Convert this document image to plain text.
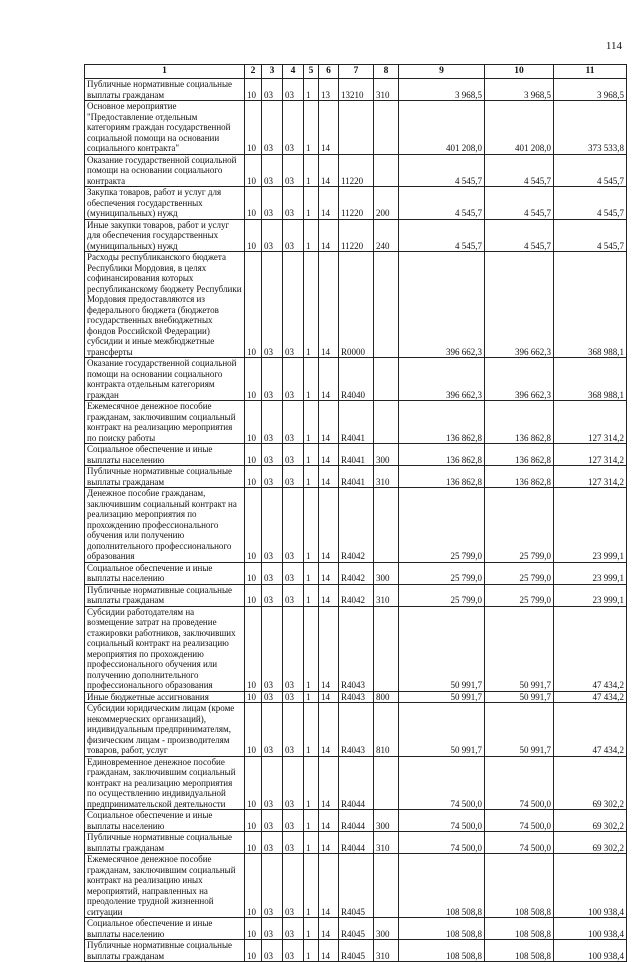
114
1	2	3	4	5	6	7	8	9	10	11
Публичные нормативные социальные выплаты гражданам	10	03	03	1	13	13210	310	3 968,5	3 968,5	3 968,5
Основное мероприятие "Предоставление отдельным категориям граждан государственной социальной помощи на основании социального контракта"	10	03	03	1	14			401 208,0	401 208,0	373 533,8
Оказание государственной социальной помощи на основании социального контракта	10	03	03	1	14	11220		4 545,7	4 545,7	4 545,7
Закупка товаров, работ и услуг для обеспечения государственных (муниципальных) нужд	10	03	03	1	14	11220	200	4 545,7	4 545,7	4 545,7
Иные закупки товаров, работ и услуг для обеспечения государственных (муниципальных) нужд	10	03	03	1	14	11220	240	4 545,7	4 545,7	4 545,7
Расходы республиканского бюджета Республики Мордовия, в целях софинансирования которых республиканскому бюджету Республики Мордовия предоставляются из федерального бюджета (бюджетов государственных внебюджетных фондов Российской Федерации) субсидии и иные межбюджетные трансферты	10	03	03	1	14	R0000		396 662,3	396 662,3	368 988,1
Оказание государственной социальной помощи на основании социального контракта отдельным категориям граждан	10	03	03	1	14	R4040		396 662,3	396 662,3	368 988,1
Ежемесячное денежное пособие гражданам, заключившим социальный контракт на реализацию мероприятия по поиску работы	10	03	03	1	14	R4041		136 862,8	136 862,8	127 314,2
Социальное обеспечение и иные выплаты населению	10	03	03	1	14	R4041	300	136 862,8	136 862,8	127 314,2
Публичные нормативные социальные выплаты гражданам	10	03	03	1	14	R4041	310	136 862,8	136 862,8	127 314,2
Денежное пособие гражданам, заключившим социальный контракт на реализацию мероприятия по прохождению профессионального обучения или получению дополнительного профессионального образования	10	03	03	1	14	R4042		25 799,0	25 799,0	23 999,1
Социальное обеспечение и иные выплаты населению	10	03	03	1	14	R4042	300	25 799,0	25 799,0	23 999,1
Публичные нормативные социальные выплаты гражданам	10	03	03	1	14	R4042	310	25 799,0	25 799,0	23 999,1
Субсидии работодателям на возмещение затрат на проведение стажировки работников, заключивших социальный контракт на реализацию мероприятия по прохождению профессионального обучения или получению дополнительного профессионального образования	10	03	03	1	14	R4043		50 991,7	50 991,7	47 434,2
Иные бюджетные ассигнования	10	03	03	1	14	R4043	800	50 991,7	50 991,7	47 434,2
Субсидии юридическим лицам (кроме некоммерческих организаций), индивидуальным предпринимателям, физическим лицам - производителям товаров, работ, услуг	10	03	03	1	14	R4043	810	50 991,7	50 991,7	47 434,2
Единовременное денежное пособие гражданам, заключившим социальный контракт на реализацию мероприятия по осуществлению индивидуальной предпринимательской деятельности	10	03	03	1	14	R4044		74 500,0	74 500,0	69 302,2
Социальное обеспечение и иные выплаты населению	10	03	03	1	14	R4044	300	74 500,0	74 500,0	69 302,2
Публичные нормативные социальные выплаты гражданам	10	03	03	1	14	R4044	310	74 500,0	74 500,0	69 302,2
Ежемесячное денежное пособие гражданам, заключившим социальный контракт на реализацию иных мероприятий, направленных на преодоление трудной жизненной ситуации	10	03	03	1	14	R4045		108 508,8	108 508,8	100 938,4
Социальное обеспечение и иные выплаты населению	10	03	03	1	14	R4045	300	108 508,8	108 508,8	100 938,4
Публичные нормативные социальные выплаты гражданам	10	03	03	1	14	R4045	310	108 508,8	108 508,8	100 938,4
